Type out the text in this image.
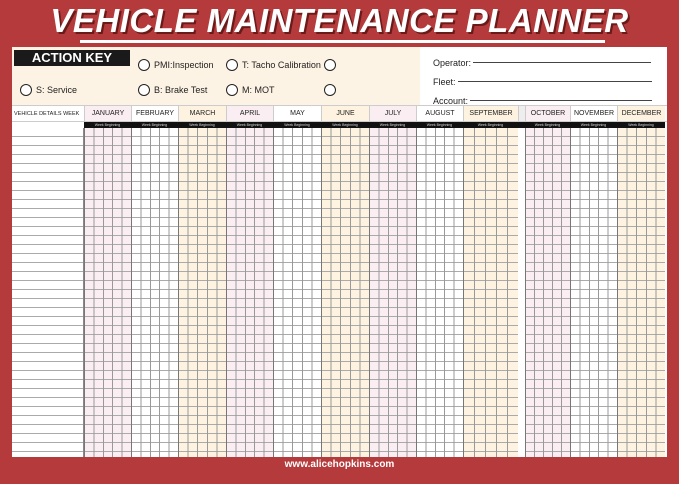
VEHICLE MAINTENANCE PLANNER
ACTION KEY	PMI:Inspection	T: Tacho Calibration
S: Service	B: Brake Test	M: MOT
Operator:
Fleet:
Account:
VEHICLE DETAILS WEEK	JANUARY	FEBRUARY	MARCH	APRIL	MAY	JUNE	JULY	AUGUST	SEPTEMBER	OCTOBER	NOVEMBER	DECEMBER
Week Beginning	Week Beginning	Week Beginning	Week Beginning	Week Beginning	Week Beginning	Week Beginning	Week Beginning	Week Beginning	Week Beginning	Week Beginning	Week Beginning
www.alicehopkins.com
